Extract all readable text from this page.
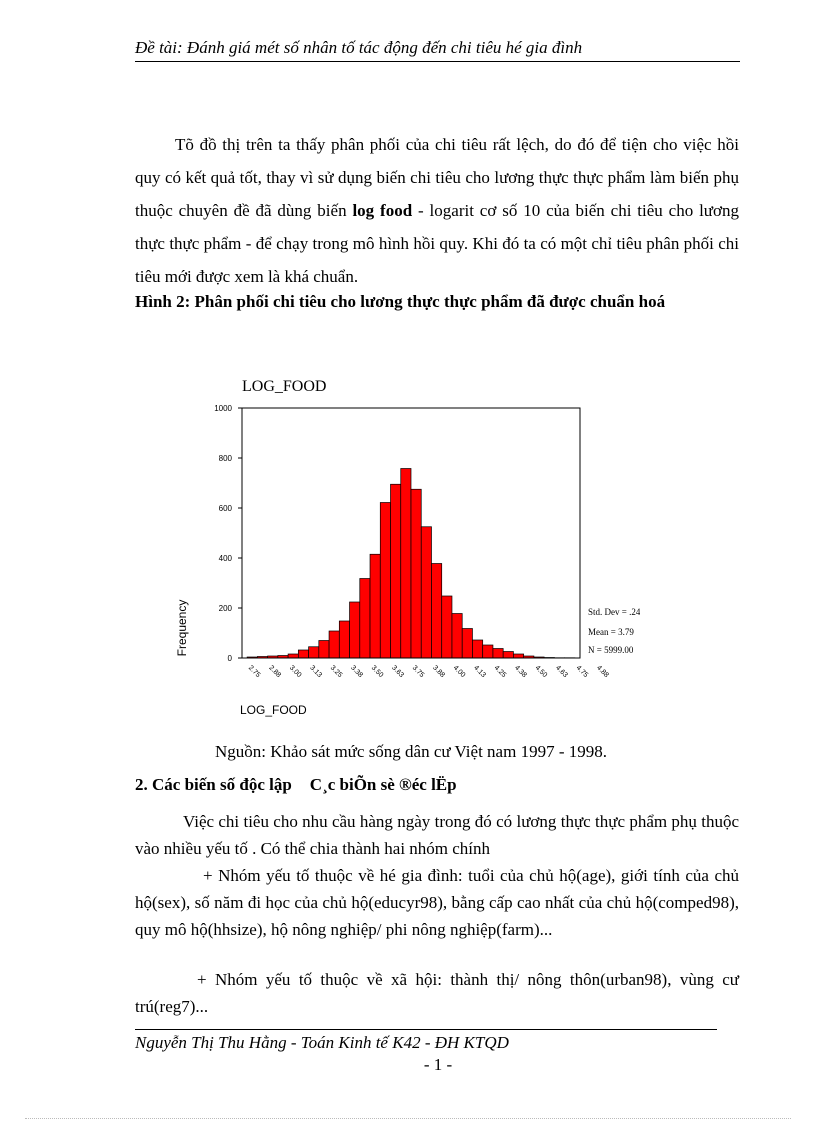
Đề tài: Đánh giá mét số nhân tố tác động đến chi tiêu hé gia đình

Tõ đồ thị trên ta thấy phân phối của chi tiêu rất lệch, do đó để tiện cho việc hồi quy có kết quả tốt, thay vì sử dụng biến chi tiêu cho lương thực thực phẩm làm biến phụ thuộc chuyên đề đã dùng biến log food - logarit cơ số 10 của biến chi tiêu cho lương thực thực phẩm - để chạy trong mô hình hồi quy. Khi đó ta có một chỉ tiêu phân phối chi tiêu mới được xem là khá chuẩn.

Hình 2: Phân phối chi tiêu cho lương thực thực phẩm đã được chuẩn hoá
LOG_FOOD
Frequency
LOG_FOOD
0
200
400
600
800
1000
2.75 2.88 3.00 3.13 3.25 3.38 3.50 3.63 3.75 3.88 4.00 4.13 4.25 4.38 4.50 4.63 4.75 4.88
Std. Dev = .24
Mean = 3.79
N = 5999.00
Nguồn: Khảo sát mức sống dân cư Việt nam 1997 - 1998.
2. Các biến số độc lập C¸c biÕn sè ®éc lËp

Việc chi tiêu cho nhu cầu hàng ngày trong đó có lương thực thực phẩm phụ thuộc vào nhiều yếu tố . Có thể chia thành hai nhóm chính

+ Nhóm yếu tố thuộc về hé gia đình: tuổi của chủ hộ(age), giới tính của chủ hộ(sex), số năm đi học của chủ hộ(educyr98), bằng cấp cao nhất của chủ hộ(comped98), quy mô hộ(hhsize), hộ nông nghiệp/ phi nông nghiệp(farm)...

+ Nhóm yếu tố thuộc về xã hội: thành thị/ nông thôn(urban98), vùng cư trú(reg7)...

Nguyễn Thị Thu Hằng - Toán Kinh tế K42 - ĐH KTQD
- 1 -
